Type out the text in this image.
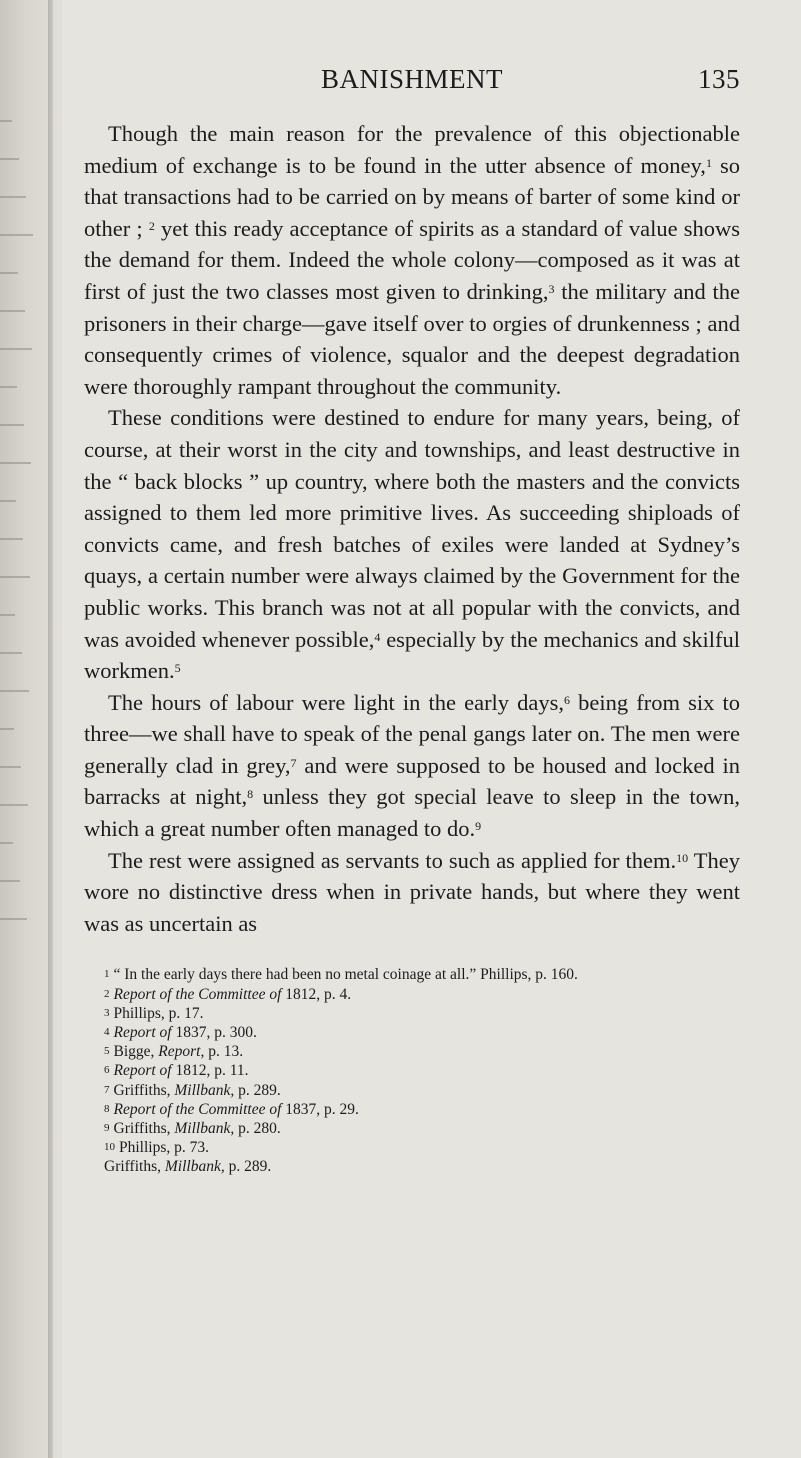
BANISHMENT	135

Though the main reason for the prevalence of this objectionable medium of exchange is to be found in the utter absence of money,$^1$ so that transactions had to be carried on by means of barter of some kind or other ; $^2$ yet this ready acceptance of spirits as a standard of value shows the demand for them. Indeed the whole colony—composed as it was at first of just the two classes most given to drinking,$^3$ the military and the prisoners in their charge—gave itself over to orgies of drunkenness ; and consequently crimes of violence, squalor and the deepest degradation were thoroughly rampant throughout the community.

These conditions were destined to endure for many years, being, of course, at their worst in the city and townships, and least destructive in the “ back blocks ” up country, where both the masters and the convicts assigned to them led more primitive lives. As succeeding shiploads of convicts came, and fresh batches of exiles were landed at Sydney’s quays, a certain number were always claimed by the Government for the public works. This branch was not at all popular with the convicts, and was avoided whenever possible,$^4$ especially by the mechanics and skilful workmen.$^5$

The hours of labour were light in the early days,$^6$ being from six to three—we shall have to speak of the penal gangs later on. The men were generally clad in grey,$^7$ and were supposed to be housed and locked in barracks at night,$^8$ unless they got special leave to sleep in the town, which a great number often managed to do.$^9$

The rest were assigned as servants to such as applied for them.$^{10}$ They wore no distinctive dress when in private hands, but where they went was as uncertain as

$^1$ “ In the early days there had been no metal coinage at all.” Phillips, p. 160.
$^2$ Report of the Committee of 1812, p. 4.
$^3$ Phillips, p. 17.
$^4$ Report of 1837, p. 300.
$^5$ Bigge, Report, p. 13.
$^6$ Report of 1812, p. 11.
$^7$ Griffiths, Millbank, p. 289.
$^8$ Report of the Committee of 1837, p. 29.
$^9$ Griffiths, Millbank, p. 280.
$^{10}$ Phillips, p. 73.
Griffiths, Millbank, p. 289.
